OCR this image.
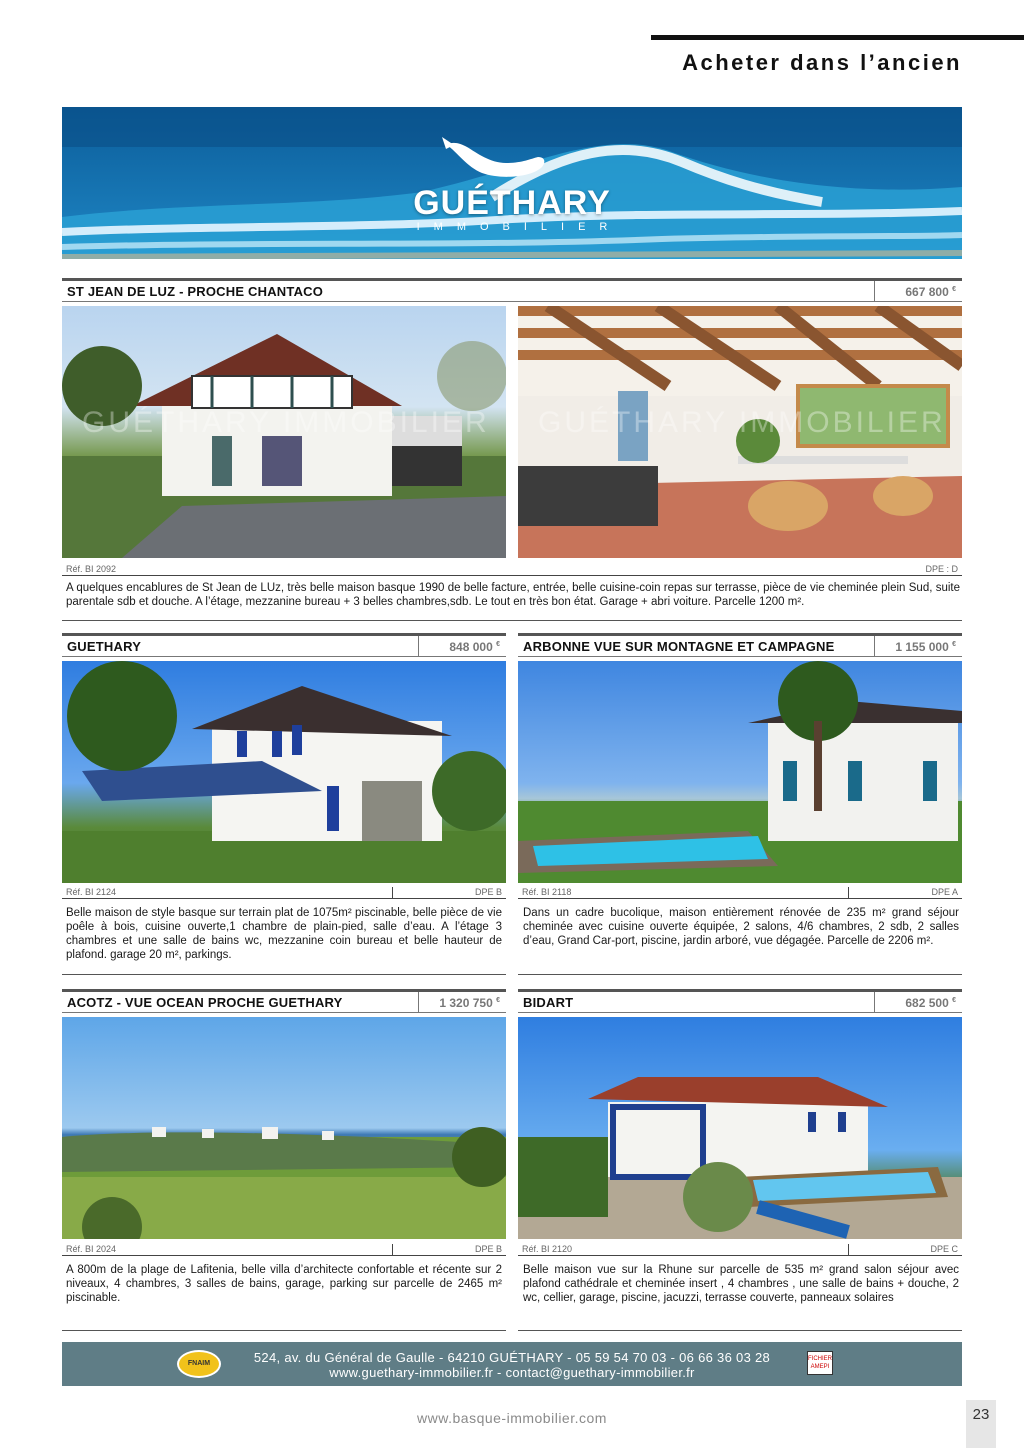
Acheter dans l’ancien
GUÉTHARY
IMMOBILIER
ST JEAN DE LUZ - PROCHE CHANTACO	667 800 €
GUÉTHARY IMMOBILIER GUÉTHARY IMMOBILIER
Réf. BI 2092	DPE : D
A quelques encablures de St Jean de LUz, très belle maison basque 1990 de belle facture, entrée, belle cuisine-coin repas sur terrasse, pièce de vie cheminée plein Sud, suite parentale sdb et douche. A l’étage, mezzanine bureau + 3 belles chambres,sdb. Le tout en très bon état. Garage + abri voiture. Parcelle 1200 m².
GUETHARY	848 000 €
Réf. BI 2124	DPE B
Belle maison de style basque sur terrain plat de 1075m² piscinable, belle pièce de vie poêle à bois, cuisine ouverte,1 chambre de plain-pied, salle d’eau. A l’étage 3 chambres et une salle de bains wc, mezzanine coin bureau et belle hauteur de plafond. garage 20 m², parkings.
ARBONNE VUE SUR MONTAGNE ET CAMPAGNE	1 155 000 €
Réf. BI 2118	DPE A
Dans un cadre bucolique, maison entièrement rénovée de 235 m² grand séjour cheminée avec cuisine ouverte équipée, 2 salons, 4/6 chambres, 2 sdb, 2 salles d’eau, Grand Car-port, piscine, jardin arboré, vue dégagée. Parcelle de 2206 m².
ACOTZ - VUE OCEAN PROCHE GUETHARY	1 320 750 €
Réf. BI 2024	DPE B
A 800m de la plage de Lafitenia, belle villa d’architecte confortable et récente sur 2 niveaux, 4 chambres, 3 salles de bains, garage, parking sur parcelle de 2465 m² piscinable.
BIDART	682 500 €
Réf. BI 2120	DPE C
Belle maison vue sur la Rhune sur parcelle de 535 m² grand salon séjour avec plafond cathédrale et cheminée insert , 4 chambres , une salle de bains + douche, 2 wc, cellier, garage, piscine, jacuzzi, terrasse couverte, panneaux solaires
FNAIM	524, av. du Général de Gaulle - 64210 GUÉTHARY - 05 59 54 70 03 - 06 66 36 03 28
www.guethary-immobilier.fr - contact@guethary-immobilier.fr
FICHIER AMEPI
www.basque-immobilier.com	23
